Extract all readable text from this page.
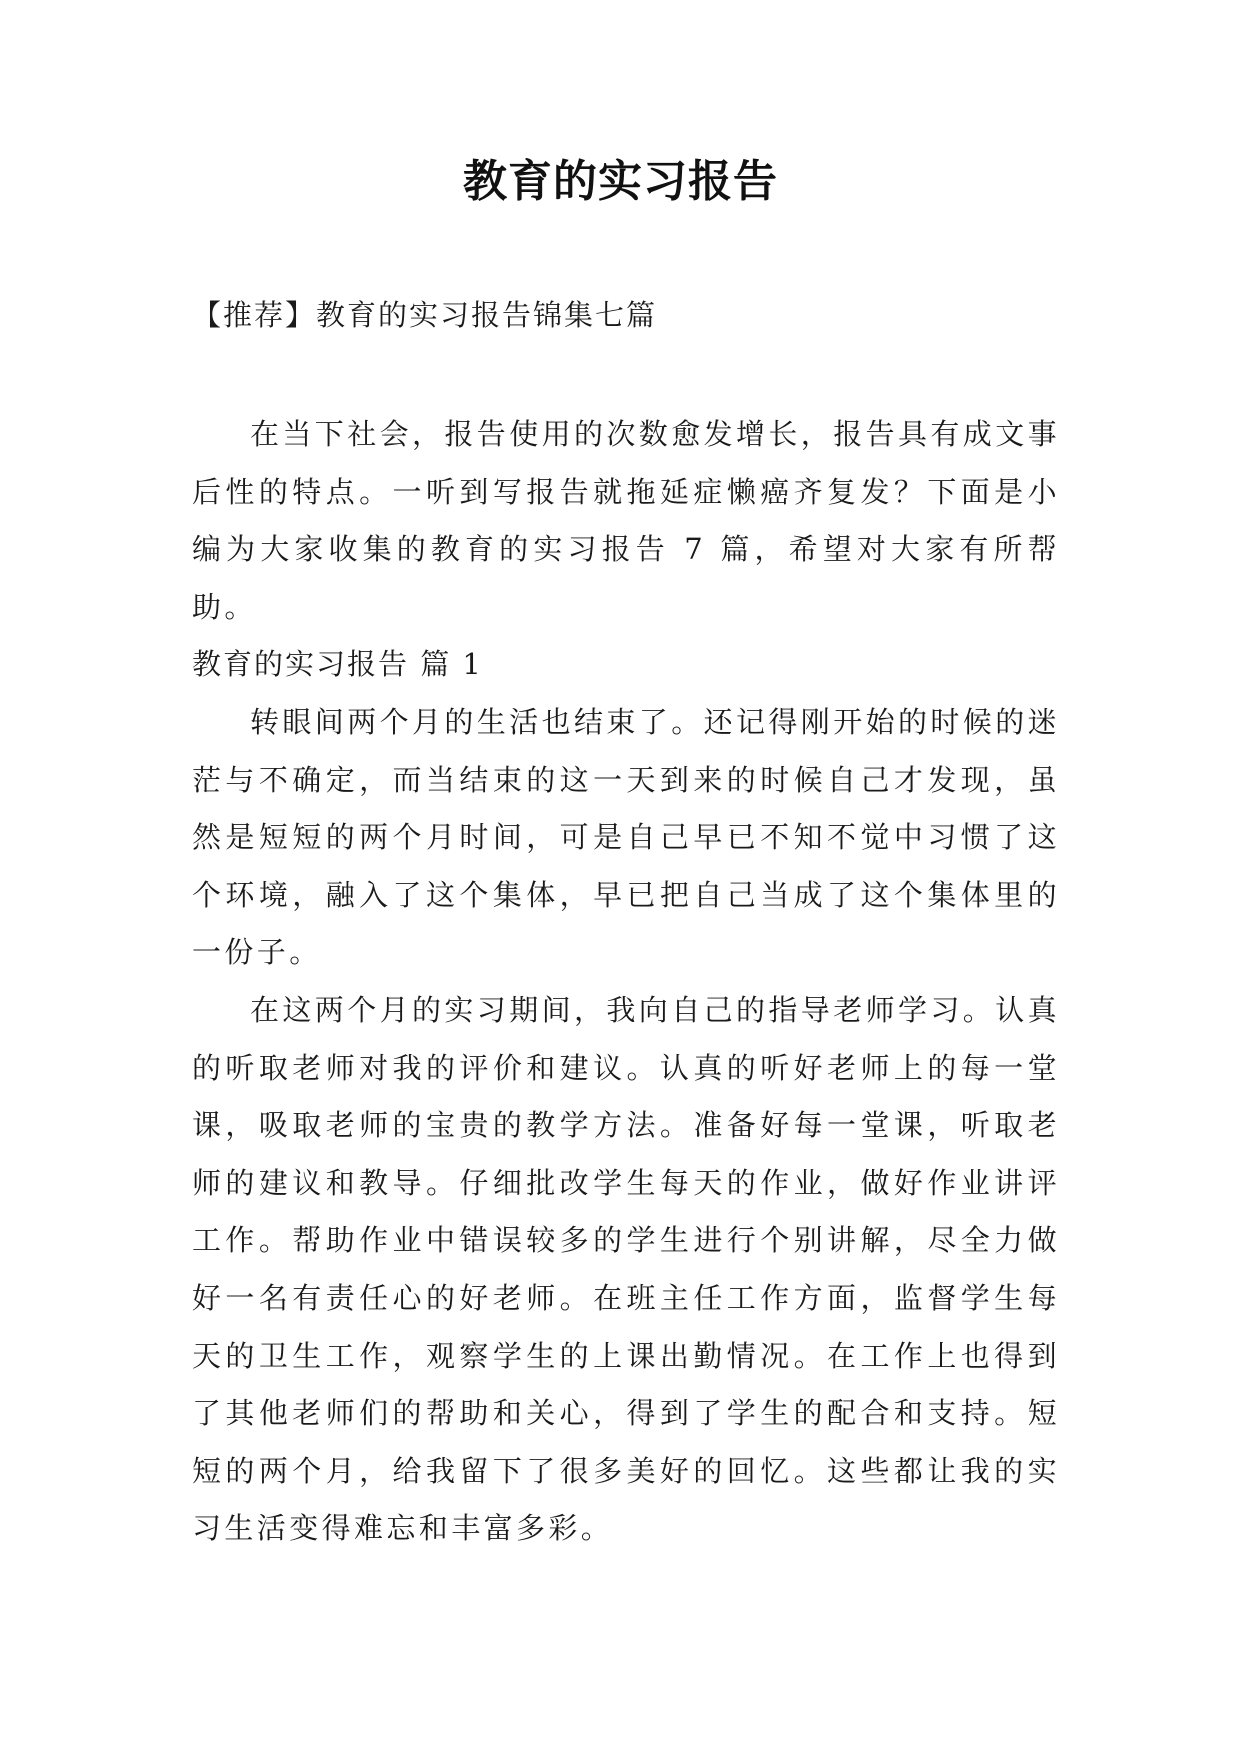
教育的实习报告
【推荐】教育的实习报告锦集七篇

在当下社会，报告使用的次数愈发增长，报告具有成文事后性的特点。一听到写报告就拖延症懒癌齐复发？下面是小编为大家收集的教育的实习报告 7 篇，希望对大家有所帮助。

教育的实习报告 篇 1

转眼间两个月的生活也结束了。还记得刚开始的时候的迷茫与不确定，而当结束的这一天到来的时候自己才发现，虽然是短短的两个月时间，可是自己早已不知不觉中习惯了这个环境，融入了这个集体，早已把自己当成了这个集体里的一份子。

在这两个月的实习期间，我向自己的指导老师学习。认真的听取老师对我的评价和建议。认真的听好老师上的每一堂课，吸取老师的宝贵的教学方法。准备好每一堂课，听取老师的建议和教导。仔细批改学生每天的作业，做好作业讲评工作。帮助作业中错误较多的学生进行个别讲解，尽全力做好一名有责任心的好老师。在班主任工作方面，监督学生每天的卫生工作，观察学生的上课出勤情况。在工作上也得到了其他老师们的帮助和关心，得到了学生的配合和支持。短短的两个月，给我留下了很多美好的回忆。这些都让我的实习生活变得难忘和丰富多彩。
